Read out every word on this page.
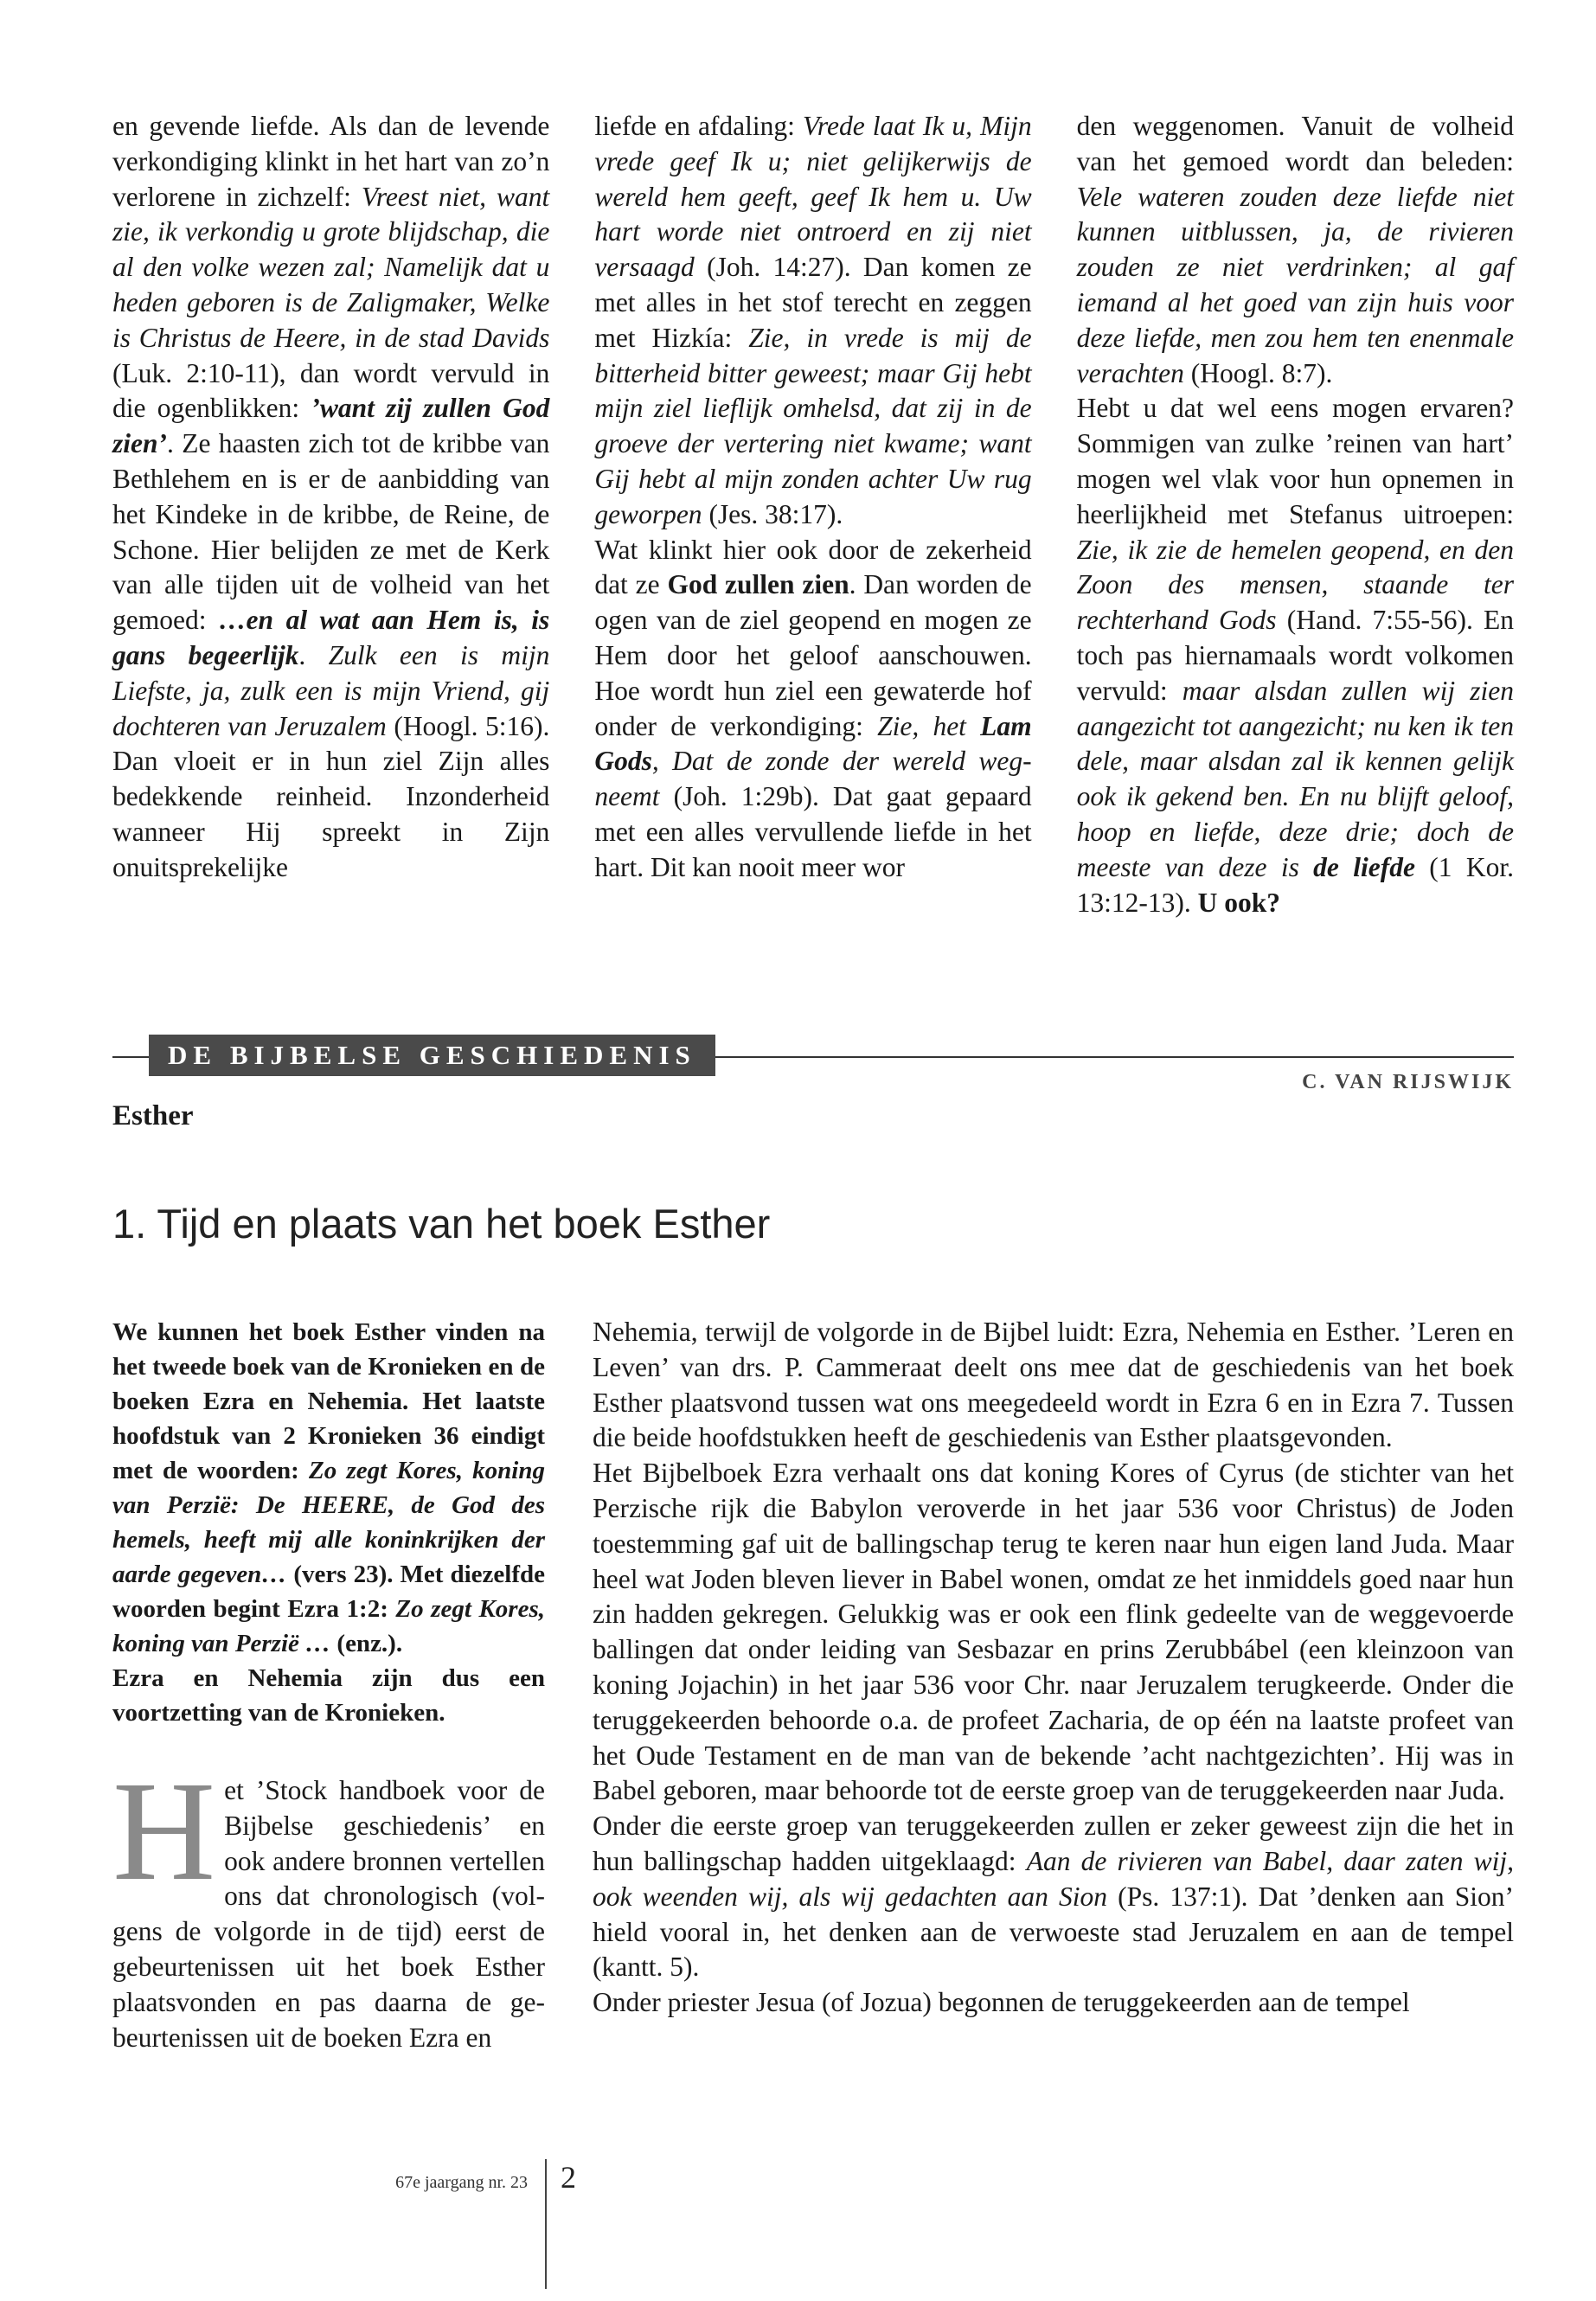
en gevende liefde. Als dan de levende verkondiging klinkt in het hart van zo’n verlorene in zichzelf: Vreest niet, want zie, ik verkondig u grote blijdschap, die al den volke wezen zal; Namelijk dat u heden geboren is de Zaligmaker, Welke is Christus de Heere, in de stad Davids (Luk. 2:10-11), dan wordt vervuld in die ogenblikken: ’want zij zullen God zien’. Ze haasten zich tot de kribbe van Bethlehem en is er de aanbidding van het Kindeke in de kribbe, de Reine, de Schone. Hier belijden ze met de Kerk van alle tijden uit de volheid van het gemoed: …en al wat aan Hem is, is gans begeerlijk. Zulk een is mijn Liefste, ja, zulk een is mijn Vriend, gij dochteren van Jeruzalem (Hoogl. 5:16). Dan vloeit er in hun ziel Zijn alles bedekkende reinheid. Inzonderheid wanneer Hij spreekt in Zijn onuitsprekelijke
liefde en afdaling: Vrede laat Ik u, Mijn vrede geef Ik u; niet gelijkerwijs de wereld hem geeft, geef Ik hem u. Uw hart worde niet ontroerd en zij niet versaagd (Joh. 14:27). Dan komen ze met alles in het stof terecht en zeggen met Hizkía: Zie, in vrede is mij de bitterheid bitter geweest; maar Gij hebt mijn ziel lieflijk omhelsd, dat zij in de groeve der vertering niet kwame; want Gij hebt al mijn zonden achter Uw rug geworpen (Jes. 38:17).
Wat klinkt hier ook door de zekerheid dat ze God zullen zien. Dan worden de ogen van de ziel geopend en mogen ze Hem door het geloof aanschouwen. Hoe wordt hun ziel een gewaterde hof onder de verkondiging: Zie, het Lam Gods, Dat de zonde der wereld wegneemt (Joh. 1:29b). Dat gaat gepaard met een alles vervullende liefde in het hart. Dit kan nooit meer wor
den weggenomen. Vanuit de volheid van het gemoed wordt dan beleden: Vele wateren zouden deze liefde niet kunnen uitblussen, ja, de rivieren zouden ze niet verdrinken; al gaf iemand al het goed van zijn huis voor deze liefde, men zou hem ten enenmale verachten (Hoogl. 8:7).
Hebt u dat wel eens mogen ervaren? Sommigen van zulke ’reinen van hart’ mogen wel vlak voor hun opnemen in heerlijkheid met Stefanus uitroepen: Zie, ik zie de hemelen geopend, en den Zoon des mensen, staande ter rechterhand Gods (Hand. 7:55-56). En toch pas hiernamaals wordt volkomen vervuld: maar alsdan zullen wij zien aangezicht tot aangezicht; nu ken ik ten dele, maar alsdan zal ik kennen gelijk ook ik gekend ben. En nu blijft geloof, hoop en liefde, deze drie; doch de meeste van deze is de liefde (1 Kor. 13:12-13). U ook?
DE BIJBELSE GESCHIEDENIS
C. VAN RIJSWIJK
Esther
1. Tijd en plaats van het boek Esther

We kunnen het boek Esther vinden na het tweede boek van de Kronieken en de boeken Ezra en Nehemia. Het laatste hoofdstuk van 2 Kronieken 36 eindigt met de woorden: Zo zegt Kores, koning van Perzië: De HEERE, de God des hemels, heeft mij alle koninkrijken der aarde gegeven… (vers 23). Met diezelfde woorden begint Ezra 1:2: Zo zegt Kores, koning van Perzië … (enz.).

Ezra en Nehemia zijn dus een voortzetting van de Kronieken.

Het ’Stock handboek voor de Bijbelse geschiedenis’ en ook andere bronnen vertellen ons dat chronologisch (volgens de volgorde in de tijd) eerst de gebeurtenissen uit het boek Esther plaatsvonden en pas daarna de gebeurtenissen uit de boeken Ezra en

Nehemia, terwijl de volgorde in de Bijbel luidt: Ezra, Nehemia en Esther. ’Leren en Leven’ van drs. P. Cammeraat deelt ons mee dat de geschiedenis van het boek Esther plaatsvond tussen wat ons meegedeeld wordt in Ezra 6 en in Ezra 7. Tussen die beide hoofdstukken heeft de geschiedenis van Esther plaatsgevonden.

Het Bijbelboek Ezra verhaalt ons dat koning Kores of Cyrus (de stichter van het Perzische rijk die Babylon veroverde in het jaar 536 voor Christus) de Joden toestemming gaf uit de ballingschap terug te keren naar hun eigen land Juda. Maar heel wat Joden bleven liever in Babel wonen, omdat ze het inmiddels goed naar hun zin hadden gekregen. Gelukkig was er ook een flink gedeelte van de weggevoerde ballingen dat onder leiding van Sesbazar en prins Zerubbábel (een kleinzoon van koning Jojachin) in het jaar 536 voor Chr. naar Jeruzalem terugkeerde. Onder die teruggekeerden behoorde o.a. de profeet Zacharia, de op één na laatste profeet van het Oude Testament en de man van de bekende ’acht nachtgezichten’. Hij was in Babel geboren, maar behoorde tot de eerste groep van de teruggekeerden naar Juda.

Onder die eerste groep van teruggekeerden zullen er zeker geweest zijn die het in hun ballingschap hadden uitgeklaagd: Aan de rivieren van Babel, daar zaten wij, ook weenden wij, als wij gedachten aan Sion (Ps. 137:1). Dat ’denken aan Sion’ hield vooral in, het denken aan de verwoeste stad Jeruzalem en aan de tempel (kantt. 5).

Onder priester Jesua (of Jozua) begonnen de teruggekeerden aan de tempel

67e jaargang nr. 23 2
